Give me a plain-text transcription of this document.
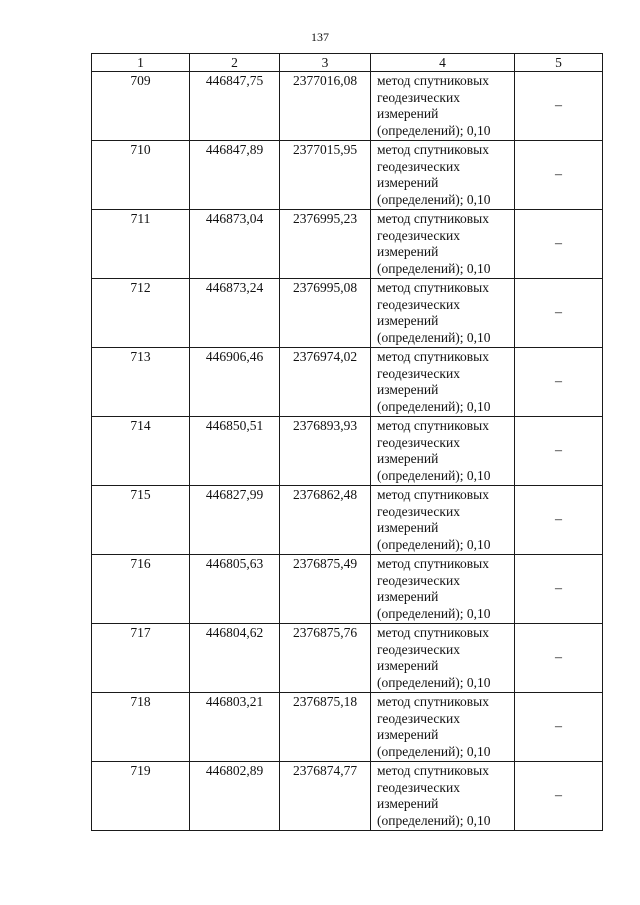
137
1	2	3	4	5
709	446847,75	2377016,08	метод спутниковых
геодезических
измерений
(определений); 0,10	–
710	446847,89	2377015,95	метод спутниковых
геодезических
измерений
(определений); 0,10	–
711	446873,04	2376995,23	метод спутниковых
геодезических
измерений
(определений); 0,10	–
712	446873,24	2376995,08	метод спутниковых
геодезических
измерений
(определений); 0,10	–
713	446906,46	2376974,02	метод спутниковых
геодезических
измерений
(определений); 0,10	–
714	446850,51	2376893,93	метод спутниковых
геодезических
измерений
(определений); 0,10	–
715	446827,99	2376862,48	метод спутниковых
геодезических
измерений
(определений); 0,10	–
716	446805,63	2376875,49	метод спутниковых
геодезических
измерений
(определений); 0,10	–
717	446804,62	2376875,76	метод спутниковых
геодезических
измерений
(определений); 0,10	–
718	446803,21	2376875,18	метод спутниковых
геодезических
измерений
(определений); 0,10	–
719	446802,89	2376874,77	метод спутниковых
геодезических
измерений
(определений); 0,10	–
